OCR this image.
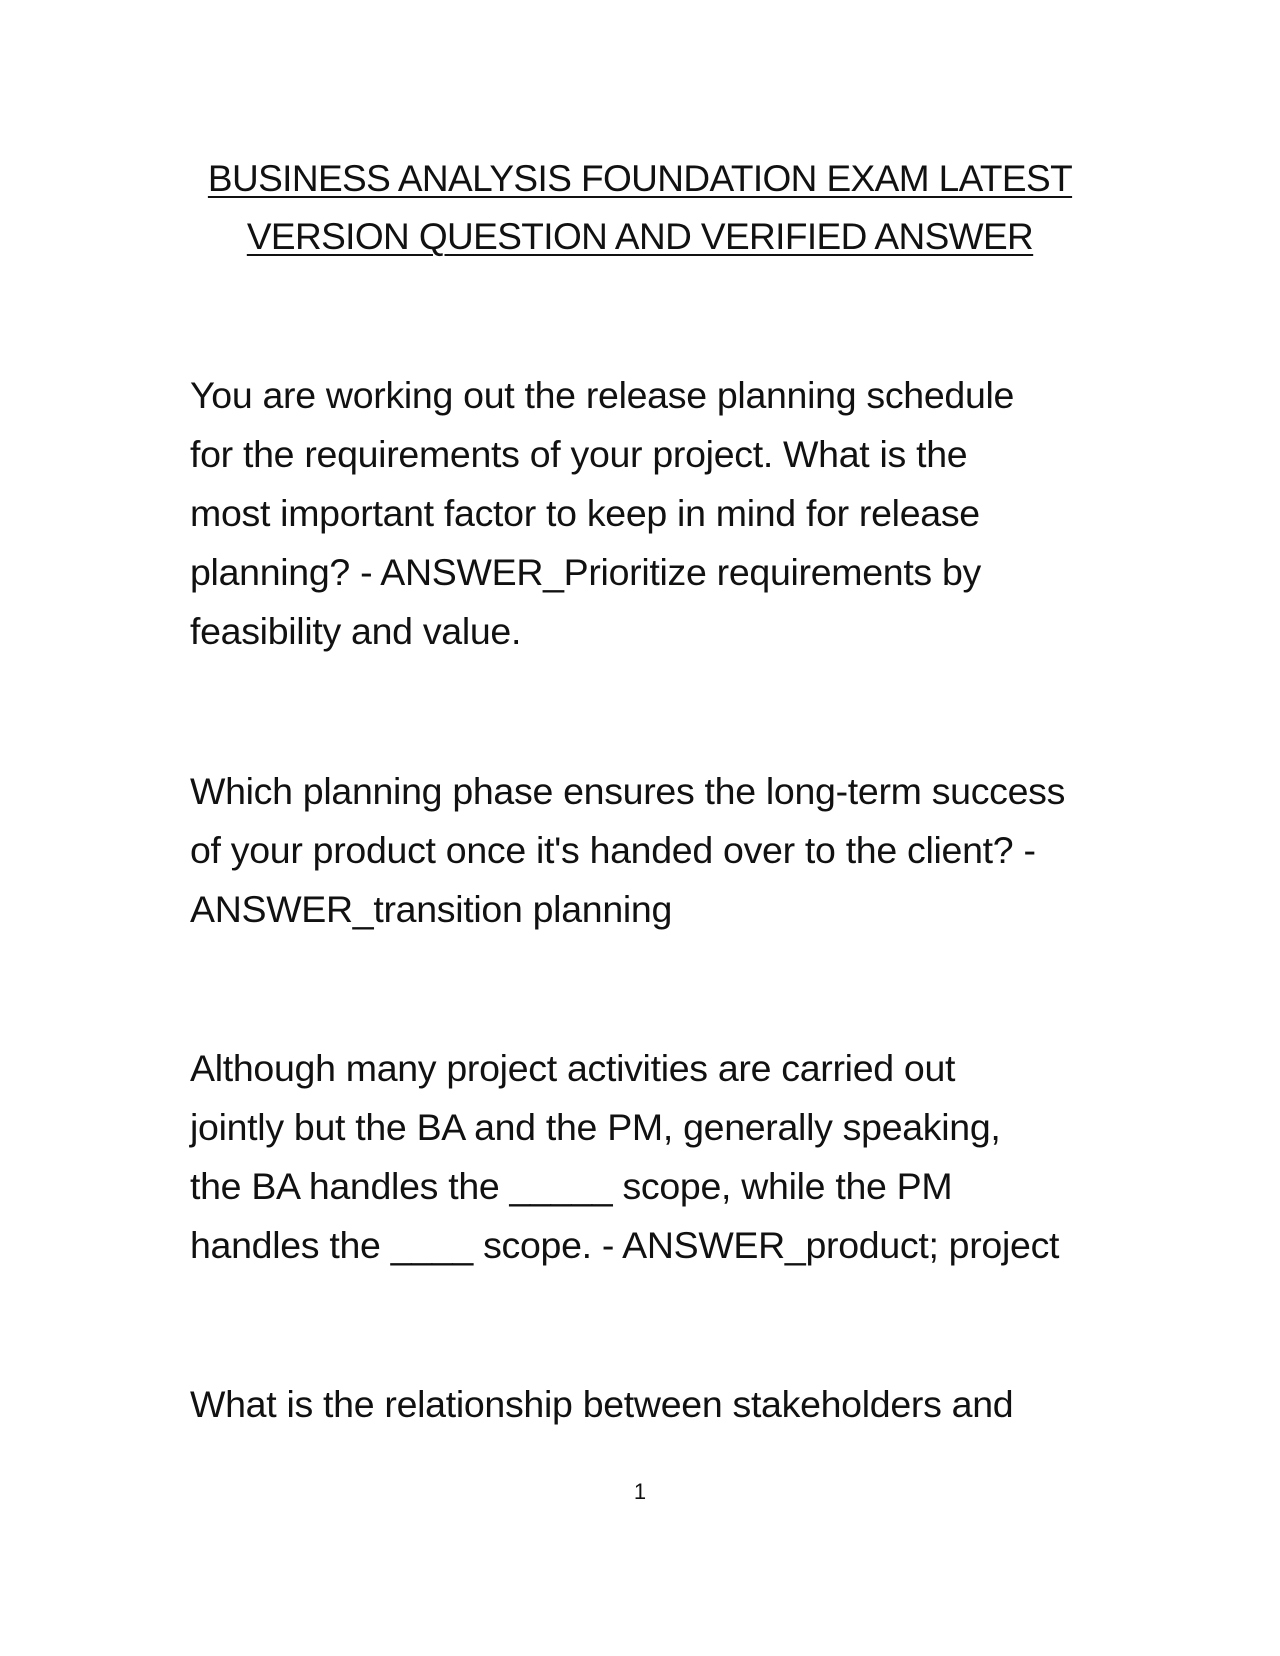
BUSINESS ANALYSIS FOUNDATION EXAM LATEST
VERSION QUESTION AND VERIFIED ANSWER
You are working out the release planning schedule
for the requirements of your project. What is the
most important factor to keep in mind for release
planning? - ANSWER_Prioritize requirements by
feasibility and value.
Which planning phase ensures the long-term success
of your product once it's handed over to the client? -
ANSWER_transition planning
Although many project activities are carried out
jointly but the BA and the PM, generally speaking,
the BA handles the _____ scope, while the PM
handles the ____ scope. - ANSWER_product; project
What is the relationship between stakeholders and
1
